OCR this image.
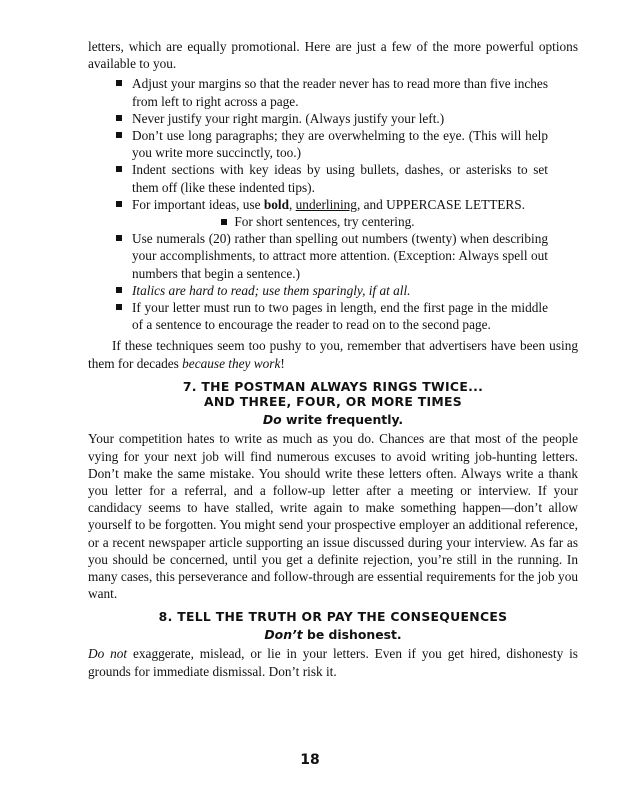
letters, which are equally promotional. Here are just a few of the more powerful options available to you.

Adjust your margins so that the reader never has to read more than five inches from left to right across a page.
Never justify your right margin. (Always justify your left.)
Don’t use long paragraphs; they are overwhelming to the eye. (This will help you write more succinctly, too.)
Indent sections with key ideas by using bullets, dashes, or asterisks to set them off (like these indented tips).
For important ideas, use bold, underlining, and UPPERCASE LETTERS.
For short sentences, try centering.
Use numerals (20) rather than spelling out numbers (twenty) when describing your accomplishments, to attract more attention. (Exception: Always spell out numbers that begin a sentence.)
Italics are hard to read; use them sparingly, if at all.
If your letter must run to two pages in length, end the first page in the middle of a sentence to encourage the reader to read on to the second page.

If these techniques seem too pushy to you, remember that advertisers have been using them for decades because they work!

7. THE POSTMAN ALWAYS RINGS TWICE...
AND THREE, FOUR, OR MORE TIMES
Do write frequently.

Your competition hates to write as much as you do. Chances are that most of the people vying for your next job will find numerous excuses to avoid writing job-hunting letters. Don’t make the same mistake. You should write these letters often. Always write a thank you letter for a referral, and a follow-up letter after a meeting or interview. If your candidacy seems to have stalled, write again to make something happen—don’t allow yourself to be forgotten. You might send your prospective employer an additional reference, or a recent newspaper article supporting an issue discussed during your interview. As far as you should be concerned, until you get a definite rejection, you’re still in the running. In many cases, this perseverance and follow-through are essential requirements for the job you want.

8. TELL THE TRUTH OR PAY THE CONSEQUENCES
Don’t be dishonest.

Do not exaggerate, mislead, or lie in your letters. Even if you get hired, dishonesty is grounds for immediate dismissal. Don’t risk it.

18
